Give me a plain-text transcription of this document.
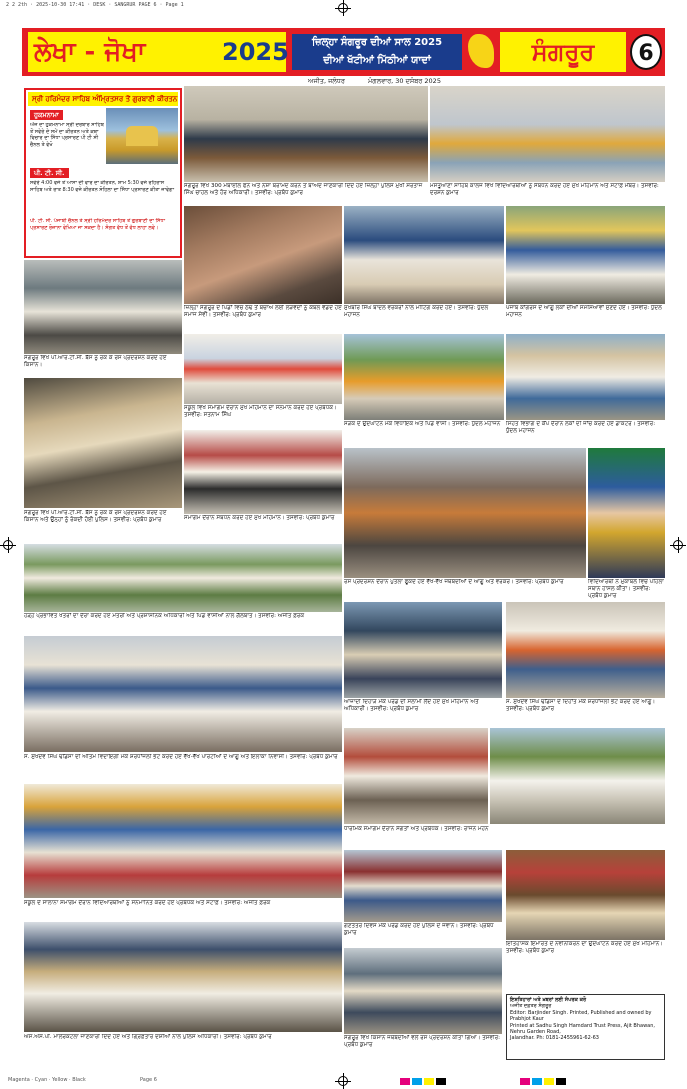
2 2 2th · 2025-10-30 17:41 · DESK · SANGRUR PAGE 6 · Page 1
ਲੇਖਾ - ਜੋਖਾ	2025	ਜ਼ਿਲ੍ਹਾ ਸੰਗਰੂਰ ਦੀਆਂ ਸਾਲ 2025
ਦੀਆਂ ਖੱਟੀਆਂ ਮਿੱਠੀਆਂ ਯਾਦਾਂ	ਸੰਗਰੂਰ	6
ਅਜੀਤ, ਜਲੰਧਰ	ਮੰਗਲਵਾਰ, 30 ਦਸੰਬਰ 2025
ਸ੍ਰੀ ਹਰਿਮੰਦਰ ਸਾਹਿਬ ਅੰਮ੍ਰਿਤਸਰ ਤੋਂ ਗੁਰਬਾਣੀ ਕੀਰਤਨ
ਹੁਕਮਨਾਮਾ
ਅੱਜ ਦਾ ਹੁਕਮਨਾਮਾ ਸ੍ਰੀ ਦਰਬਾਰ ਸਾਹਿਬ ਤੋਂ ਸਵੇਰੇ ਦੇ ਸਮੇਂ ਦਾ ਕੀਰਤਨ ਅਤੇ ਕਥਾ ਵਿਚਾਰ ਦਾ ਸਿੱਧਾ ਪ੍ਰਸਾਰਣ ਪੀ ਟੀ ਸੀ ਚੈਨਲ ਤੇ ਵੇਖੋ
ਪੀ. ਟੀ. ਸੀ.
ਸਵੇਰੇ 4:00 ਵਜੇ ਤੋਂ ਆਸਾ ਦੀ ਵਾਰ ਦਾ ਕੀਰਤਨ, ਸ਼ਾਮ 5:30 ਵਜੇ ਰਹਿਰਾਸ ਸਾਹਿਬ ਅਤੇ ਰਾਤ 8:30 ਵਜੇ ਕੀਰਤਨ ਸੋਹਿਲਾ ਦਾ ਸਿੱਧਾ ਪ੍ਰਸਾਰਣ ਕੀਤਾ ਜਾਵੇਗਾ
ਪੀ. ਟੀ. ਸੀ. ਪੰਜਾਬੀ ਚੈਨਲ ਤੇ ਸ੍ਰੀ ਹਰਿਮੰਦਰ ਸਾਹਿਬ ਤੋਂ ਗੁਰਬਾਣੀ ਦਾ ਸਿੱਧਾ ਪ੍ਰਸਾਰਣ ਰੋਜ਼ਾਨਾ ਵੇਖਿਆ ਜਾ ਸਕਦਾ ਹੈ। ਸੰਗਤ ਵੱਧ ਤੋਂ ਵੱਧ ਲਾਹਾ ਲਵੇ।
ਸੰਗਰੂਰ ਵਿਖੇ 300 ਮੋਬਾਈਲ ਫੋਨ ਅਤੇ ਨਸ਼ਾ ਬਰਾਮਦ ਕਰਨ ਤੋਂ ਬਾਅਦ ਜਾਣਕਾਰੀ ਦਿੰਦੇ ਹੋਏ ਜ਼ਿਲ੍ਹਾ ਪੁਲਿਸ ਮੁਖੀ ਸਰਤਾਜ ਸਿੰਘ ਚਾਹਲ ਅਤੇ ਹੋਰ ਅਧਿਕਾਰੀ। ਤਸਵੀਰ: ਪ੍ਰਬੰਧ ਕੁਮਾਰ
ਮਸਤੂਆਣਾ ਸਾਹਿਬ ਕਾਲਜ ਵਿਖੇ ਵਿਦਿਆਰਥੀਆਂ ਨੂੰ ਸੰਬੋਧਨ ਕਰਦੇ ਹੋਏ ਮੁੱਖ ਮਹਿਮਾਨ ਅਤੇ ਸਟਾਫ਼ ਮੈਂਬਰ। ਤਸਵੀਰ: ਦਰਸ਼ਨ ਕੁਮਾਰ
ਜ਼ਿਲ੍ਹਾ ਸੰਗਰੂਰ ਦੇ ਪਿੰਡਾਂ ਵਿਚ ਠੰਢ ਤੋਂ ਬਚਾਅ ਲਈ ਲੋੜਵੰਦਾਂ ਨੂੰ ਕੰਬਲ ਵੰਡਦੇ ਹੋਏ ਸਮਾਜ ਸੇਵੀ। ਤਸਵੀਰ: ਪ੍ਰਬੰਧ ਕੁਮਾਰ
ਸੁਖਬੀਰ ਸਿੰਘ ਬਾਦਲ ਵਰਕਰਾਂ ਨਾਲ ਮੀਟਿੰਗ ਕਰਦੇ ਹੋਏ। ਤਸਵੀਰ: ਧੁੰਦਲ ਮਹਾਜਨ
ਪੰਜਾਬ ਕਾਂਗਰਸ ਦੇ ਆਗੂ ਲੋਕਾਂ ਦੀਆਂ ਸਮੱਸਿਆਵਾਂ ਸੁਣਦੇ ਹੋਏ। ਤਸਵੀਰ: ਧੁੰਦਲ ਮਹਾਜਨ
ਸੰਗਰੂਰ ਵਿਖੇ ਪੀ.ਆਰ.ਟੀ.ਸੀ. ਬੱਸ ਨੂੰ ਰੋਕ ਕੇ ਰੋਸ ਪ੍ਰਦਰਸ਼ਨ ਕਰਦੇ ਹੋਏ ਕਿਸਾਨ।
ਸਕੂਲ ਵਿਖੇ ਸਮਾਗਮ ਦੌਰਾਨ ਮੁੱਖ ਮਹਿਮਾਨ ਦਾ ਸਨਮਾਨ ਕਰਦੇ ਹੋਏ ਪ੍ਰਬੰਧਕ। ਤਸਵੀਰ: ਸਤਨਾਮ ਸਿੰਘ
ਸੜਕ ਦੇ ਉਦਘਾਟਨ ਮੌਕੇ ਵਿਧਾਇਕ ਅਤੇ ਪਿੰਡ ਵਾਸੀ। ਤਸਵੀਰ: ਧੁੰਦਲ ਮਹਾਜਨ	ਸਿਹਤ ਵਿਭਾਗ ਦੇ ਕੈਂਪ ਦੌਰਾਨ ਲੋਕਾਂ ਦੀ ਜਾਂਚ ਕਰਦੇ ਹੋਏ ਡਾਕਟਰ। ਤਸਵੀਰ: ਧੁੰਦਲ ਮਹਾਜਨ
ਸੰਗਰੂਰ ਵਿਖੇ ਪੀ.ਆਰ.ਟੀ.ਸੀ. ਬੱਸ ਨੂੰ ਰੋਕ ਕੇ ਰੋਸ ਪ੍ਰਦਰਸ਼ਨ ਕਰਦੇ ਹੋਏ ਕਿਸਾਨ ਅਤੇ ਉਨ੍ਹਾਂ ਨੂੰ ਰੋਕਦੀ ਹੋਈ ਪੁਲਿਸ। ਤਸਵੀਰ: ਪ੍ਰਬੰਧ ਕੁਮਾਰ	ਸਮਾਗਮ ਦੌਰਾਨ ਸੰਬੋਧਨ ਕਰਦੇ ਹੋਏ ਮੁੱਖ ਮਹਿਮਾਨ। ਤਸਵੀਰ: ਪ੍ਰਬੰਧ ਕੁਮਾਰ
ਰੋਸ ਪ੍ਰਦਰਸ਼ਨ ਦੌਰਾਨ ਪੁਤਲਾ ਫੂਕਦੇ ਹੋਏ ਵੱਖ-ਵੱਖ ਜਥੇਬੰਦੀਆਂ ਦੇ ਆਗੂ ਅਤੇ ਵਰਕਰ। ਤਸਵੀਰ: ਪ੍ਰਬੰਧ ਕੁਮਾਰ	ਵਿਦਿਆਰਥੀ ਨੇ ਮੁਕਾਬਲੇ ਵਿਚ ਪਹਿਲਾ ਸਥਾਨ ਹਾਸਲ ਕੀਤਾ। ਤਸਵੀਰ: ਪ੍ਰਬੰਧ ਕੁਮਾਰ
ਹੜ੍ਹ ਪ੍ਰਭਾਵਿਤ ਖੇਤਰਾਂ ਦਾ ਦੌਰਾ ਕਰਦੇ ਹੋਏ ਮੰਤਰੀ ਅਤੇ ਪ੍ਰਸ਼ਾਸਨਿਕ ਅਧਿਕਾਰੀ ਅਤੇ ਪਿੰਡ ਵਾਸੀਆਂ ਨਾਲ ਗੱਲਬਾਤ। ਤਸਵੀਰ: ਅਜੀਤ ਫ਼ਰਕ
ਆਜ਼ਾਦੀ ਦਿਹਾੜੇ ਮੌਕੇ ਪਰੇਡ ਦੀ ਸਲਾਮੀ ਲੈਂਦੇ ਹੋਏ ਮੁੱਖ ਮਹਿਮਾਨ ਅਤੇ ਅਧਿਕਾਰੀ। ਤਸਵੀਰ: ਪ੍ਰਬੰਧ ਕੁਮਾਰ
ਸ. ਸੁਖਦੇਵ ਸਿੰਘ ਢੀਂਡਸਾ ਦੇ ਦਿਹਾਂਤ ਮੌਕੇ ਸ਼ਰਧਾਂਜਲੀ ਭੇਟ ਕਰਦੇ ਹੋਏ ਆਗੂ। ਤਸਵੀਰ: ਪ੍ਰਬੰਧ ਕੁਮਾਰ
ਸ. ਸੁਖਦੇਵ ਸਿੰਘ ਢੀਂਡਸਾ ਦੀ ਅੰਤਿਮ ਵਿਦਾਇਗੀ ਮੌਕੇ ਸ਼ਰਧਾਂਜਲੀ ਭੇਟ ਕਰਦੇ ਹੋਏ ਵੱਖ-ਵੱਖ ਪਾਰਟੀਆਂ ਦੇ ਆਗੂ ਅਤੇ ਇਲਾਕਾ ਨਿਵਾਸੀ। ਤਸਵੀਰ: ਪ੍ਰਬੰਧ ਕੁਮਾਰ
ਧਾਰਮਿਕ ਸਮਾਗਮ ਦੌਰਾਨ ਸੰਗਤਾਂ ਅਤੇ ਪ੍ਰਬੰਧਕ। ਤਸਵੀਰ: ਰਾਜਨ ਮੋਹਨ
ਸਕੂਲ ਦੇ ਸਾਲਾਨਾ ਸਮਾਗਮ ਦੌਰਾਨ ਵਿਦਿਆਰਥੀਆਂ ਨੂੰ ਸਨਮਾਨਿਤ ਕਰਦੇ ਹੋਏ ਪ੍ਰਬੰਧਕ ਅਤੇ ਸਟਾਫ਼। ਤਸਵੀਰ: ਅਜੀਤ ਫ਼ਰਕ
ਗਣਤੰਤਰ ਦਿਵਸ ਮੌਕੇ ਪਰੇਡ ਕਰਦੇ ਹੋਏ ਪੁਲਿਸ ਦੇ ਜਵਾਨ। ਤਸਵੀਰ: ਪ੍ਰਬੰਧ ਕੁਮਾਰ
ਇਤਿਹਾਸਕ ਇਮਾਰਤ ਦੇ ਨਵੀਨੀਕਰਨ ਦਾ ਉਦਘਾਟਨ ਕਰਦੇ ਹੋਏ ਮੁੱਖ ਮਹਿਮਾਨ। ਤਸਵੀਰ: ਪ੍ਰਬੰਧ ਕੁਮਾਰ
ਐਸ.ਐਸ.ਪੀ. ਮਾਲੇਰਕੋਟਲਾ ਜਾਣਕਾਰੀ ਦਿੰਦੇ ਹੋਏ ਅਤੇ ਗ੍ਰਿਫ਼ਤਾਰ ਦੋਸ਼ੀਆਂ ਨਾਲ ਪੁਲਿਸ ਅਧਿਕਾਰੀ। ਤਸਵੀਰ: ਪ੍ਰਬੰਧ ਕੁਮਾਰ	ਸੰਗਰੂਰ ਵਿਖੇ ਕਿਸਾਨ ਜਥੇਬੰਦੀਆਂ ਵਲੋਂ ਰੋਸ ਪ੍ਰਦਰਸ਼ਨ ਕੀਤਾ ਗਿਆ। ਤਸਵੀਰ: ਪ੍ਰਬੰਧ ਕੁਮਾਰ
ਇਸ਼ਤਿਹਾਰਾਂ ਅਤੇ ਖ਼ਬਰਾਂ ਲਈ ਸੰਪਰਕ ਕਰੋ
ਅਜੀਤ ਦਫ਼ਤਰ ਸੰਗਰੂਰ
Editor: Barjinder Singh. Printed, Published and owned by Prabhjot Kaur
Printed at Sadhu Singh Hamdard Trust Press, Ajit Bhawan, Nehru Garden Road,
Jalandhar. Ph: 0181-2455961-62-63
Magenta · Cyan · Yellow · Black	Page 6
